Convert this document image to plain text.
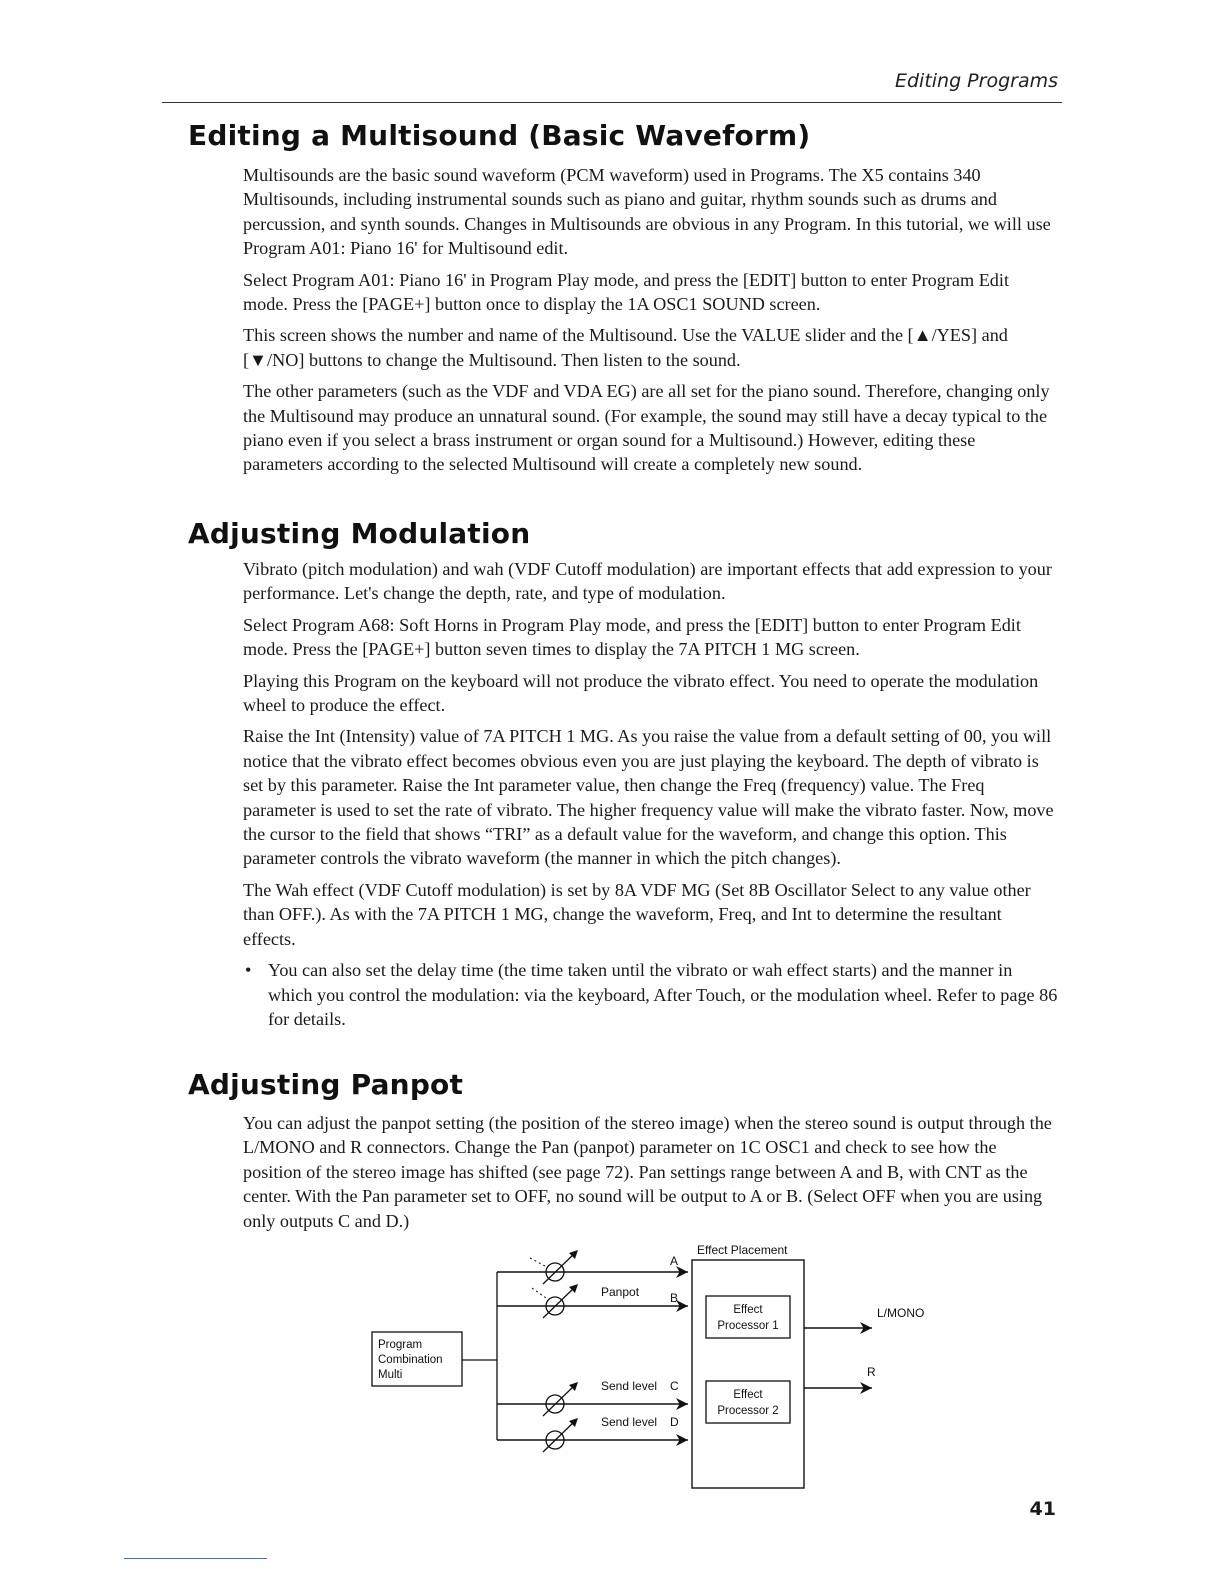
Editing Programs
Editing a Multisound (Basic Waveform)

Multisounds are the basic sound waveform (PCM waveform) used in Programs. The X5 contains 340 Multisounds, including instrumental sounds such as piano and guitar, rhythm sounds such as drums and percussion, and synth sounds. Changes in Multisounds are obvious in any Program. In this tutorial, we will use Program A01: Piano 16' for Multisound edit.

Select Program A01: Piano 16' in Program Play mode, and press the [EDIT] button to enter Program Edit mode. Press the [PAGE+] button once to display the 1A OSC1 SOUND screen.

This screen shows the number and name of the Multisound. Use the VALUE slider and the [▲/YES] and [▼/NO] buttons to change the Multisound. Then listen to the sound.

The other parameters (such as the VDF and VDA EG) are all set for the piano sound. Therefore, changing only the Multisound may produce an unnatural sound. (For example, the sound may still have a decay typical to the piano even if you select a brass instrument or organ sound for a Multisound.) However, editing these parameters according to the selected Multisound will create a completely new sound.

Adjusting Modulation

Vibrato (pitch modulation) and wah (VDF Cutoff modulation) are important effects that add expression to your performance. Let's change the depth, rate, and type of modulation.

Select Program A68: Soft Horns in Program Play mode, and press the [EDIT] button to enter Program Edit mode. Press the [PAGE+] button seven times to display the 7A PITCH 1 MG screen.

Playing this Program on the keyboard will not produce the vibrato effect. You need to operate the modulation wheel to produce the effect.

Raise the Int (Intensity) value of 7A PITCH 1 MG. As you raise the value from a default setting of 00, you will notice that the vibrato effect becomes obvious even you are just playing the keyboard. The depth of vibrato is set by this parameter. Raise the Int parameter value, then change the Freq (frequency) value. The Freq parameter is used to set the rate of vibrato. The higher frequency value will make the vibrato faster. Now, move the cursor to the field that shows “TRI” as a default value for the waveform, and change this option. This parameter controls the vibrato waveform (the manner in which the pitch changes).

The Wah effect (VDF Cutoff modulation) is set by 8A VDF MG (Set 8B Oscillator Select to any value other than OFF.). As with the 7A PITCH 1 MG, change the waveform, Freq, and Int to determine the resultant effects.

• You can also set the delay time (the time taken until the vibrato or wah effect starts) and the manner in which you control the modulation: via the keyboard, After Touch, or the modulation wheel. Refer to page 86 for details.

Adjusting Panpot

You can adjust the panpot setting (the position of the stereo image) when the stereo sound is output through the L/MONO and R connectors. Change the Pan (panpot) parameter on 1C OSC1 and check to see how the position of the stereo image has shifted (see page 72). Pan settings range between A and B, with CNT as the center. With the Pan parameter set to OFF, no sound will be output to A or B. (Select OFF when you are using only outputs C and D.)

Program
Combination
Multi
Panpot
A
B
Send level C
Send level D
Effect Placement
Effect
Processor 1
Effect
Processor 2
L/MONO
R
41
